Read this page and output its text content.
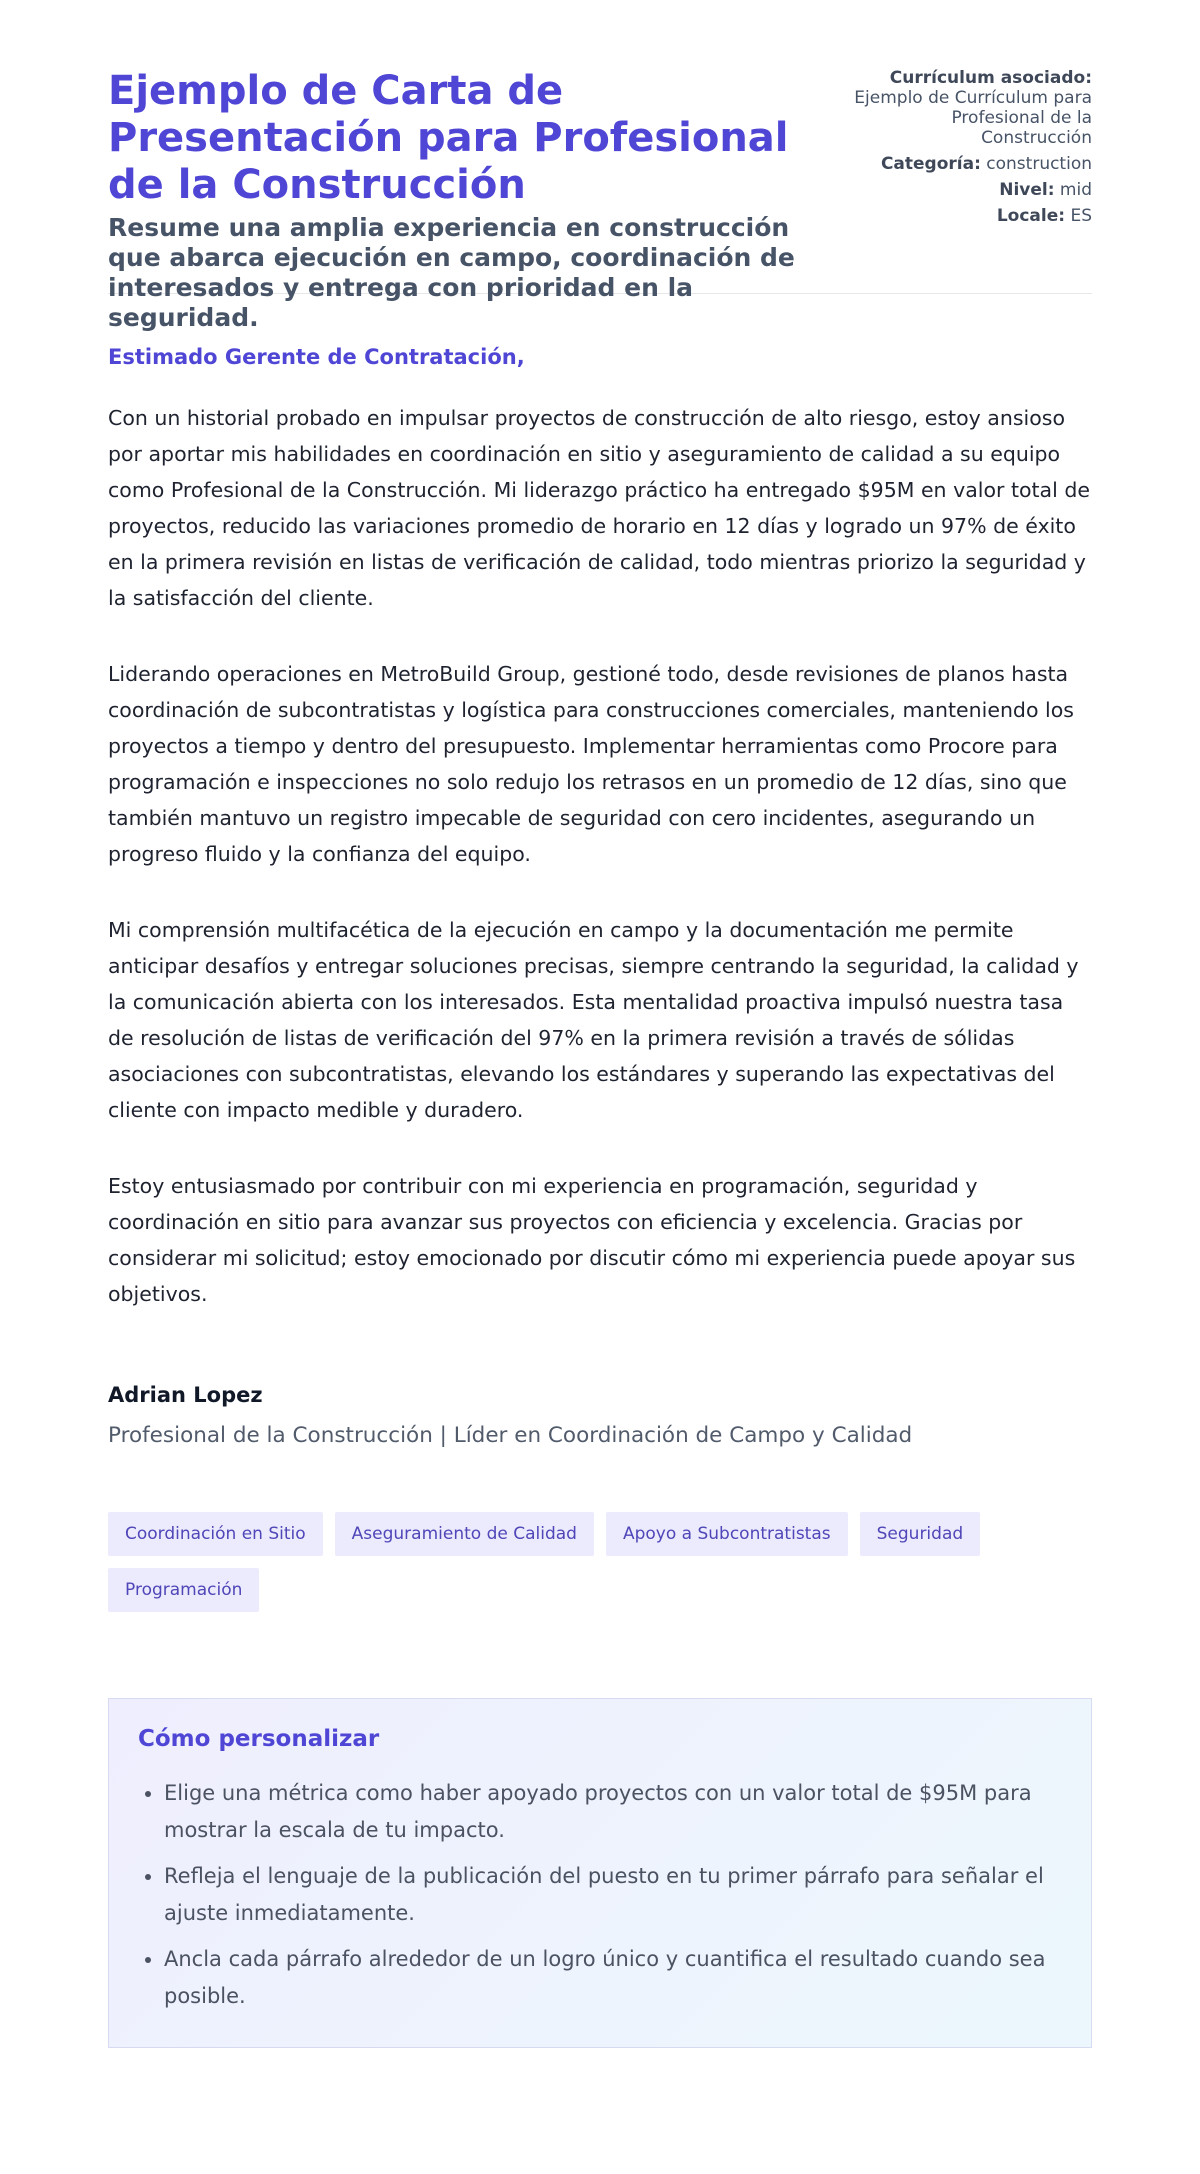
Ejemplo de Carta de Presentación para Profesional de la Construcción

Resume una amplia experiencia en construcción que abarca ejecución en campo, coordinación de interesados y entrega con prioridad en la seguridad.

Currículum asociado:
Ejemplo de Currículum para Profesional de la Construcción
Categoría: construction
Nivel: mid
Locale: ES

Estimado Gerente de Contratación,

Con un historial probado en impulsar proyectos de construcción de alto riesgo, estoy ansioso por aportar mis habilidades en coordinación en sitio y aseguramiento de calidad a su equipo como Profesional de la Construcción. Mi liderazgo práctico ha entregado $95M en valor total de proyectos, reducido las variaciones promedio de horario en 12 días y logrado un 97% de éxito en la primera revisión en listas de verificación de calidad, todo mientras priorizo la seguridad y la satisfacción del cliente.

Liderando operaciones en MetroBuild Group, gestioné todo, desde revisiones de planos hasta coordinación de subcontratistas y logística para construcciones comerciales, manteniendo los proyectos a tiempo y dentro del presupuesto. Implementar herramientas como Procore para programación e inspecciones no solo redujo los retrasos en un promedio de 12 días, sino que también mantuvo un registro impecable de seguridad con cero incidentes, asegurando un progreso fluido y la confianza del equipo.

Mi comprensión multifacética de la ejecución en campo y la documentación me permite anticipar desafíos y entregar soluciones precisas, siempre centrando la seguridad, la calidad y la comunicación abierta con los interesados. Esta mentalidad proactiva impulsó nuestra tasa de resolución de listas de verificación del 97% en la primera revisión a través de sólidas asociaciones con subcontratistas, elevando los estándares y superando las expectativas del cliente con impacto medible y duradero.

Estoy entusiasmado por contribuir con mi experiencia en programación, seguridad y coordinación en sitio para avanzar sus proyectos con eficiencia y excelencia. Gracias por considerar mi solicitud; estoy emocionado por discutir cómo mi experiencia puede apoyar sus objetivos.

Adrian Lopez

Profesional de la Construcción | Líder en Coordinación de Campo y Calidad

Coordinación en Sitio	Aseguramiento de Calidad	Apoyo a Subcontratistas	Seguridad
Programación
Cómo personalizar
• Elige una métrica como haber apoyado proyectos con un valor total de $95M para mostrar la escala de tu impacto.
• Refleja el lenguaje de la publicación del puesto en tu primer párrafo para señalar el ajuste inmediatamente.
• Ancla cada párrafo alrededor de un logro único y cuantifica el resultado cuando sea posible.
